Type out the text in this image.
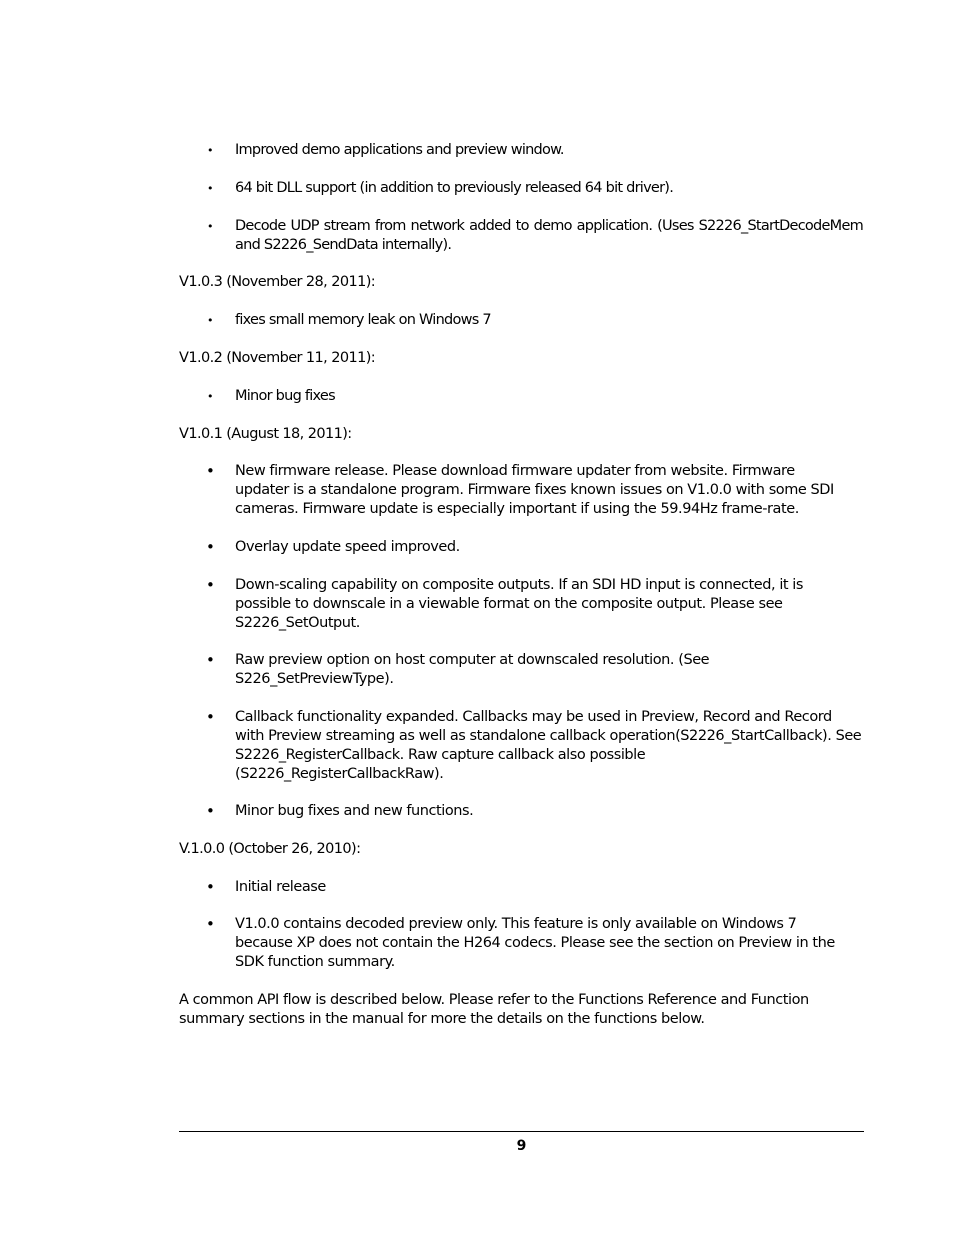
• Improved demo applications and preview window.
• 64 bit DLL support (in addition to previously released 64 bit driver).
• Decode UDP stream from network added to demo application. (Uses S2226_StartDecodeMem
and S2226_SendData internally).
V1.0.3 (November 28, 2011):
• fixes small memory leak on Windows 7
V1.0.2 (November 11, 2011):
• Minor bug fixes
V1.0.1 (August 18, 2011):
• New firmware release. Please download firmware updater from website. Firmware
updater is a standalone program. Firmware fixes known issues on V1.0.0 with some SDI
cameras. Firmware update is especially important if using the 59.94Hz frame-rate.
• Overlay update speed improved.
• Down-scaling capability on composite outputs. If an SDI HD input is connected, it is
possible to downscale in a viewable format on the composite output. Please see
S2226_SetOutput.
• Raw preview option on host computer at downscaled resolution. (See
S226_SetPreviewType).
• Callback functionality expanded. Callbacks may be used in Preview, Record and Record
with Preview streaming as well as standalone callback operation(S2226_StartCallback). See
S2226_RegisterCallback. Raw capture callback also possible
(S2226_RegisterCallbackRaw).
• Minor bug fixes and new functions.
V.1.0.0 (October 26, 2010):
• Initial release
• V1.0.0 contains decoded preview only. This feature is only available on Windows 7
because XP does not contain the H264 codecs. Please see the section on Preview in the
SDK function summary.
A common API flow is described below. Please refer to the Functions Reference and Function
summary sections in the manual for more the details on the functions below.
9
